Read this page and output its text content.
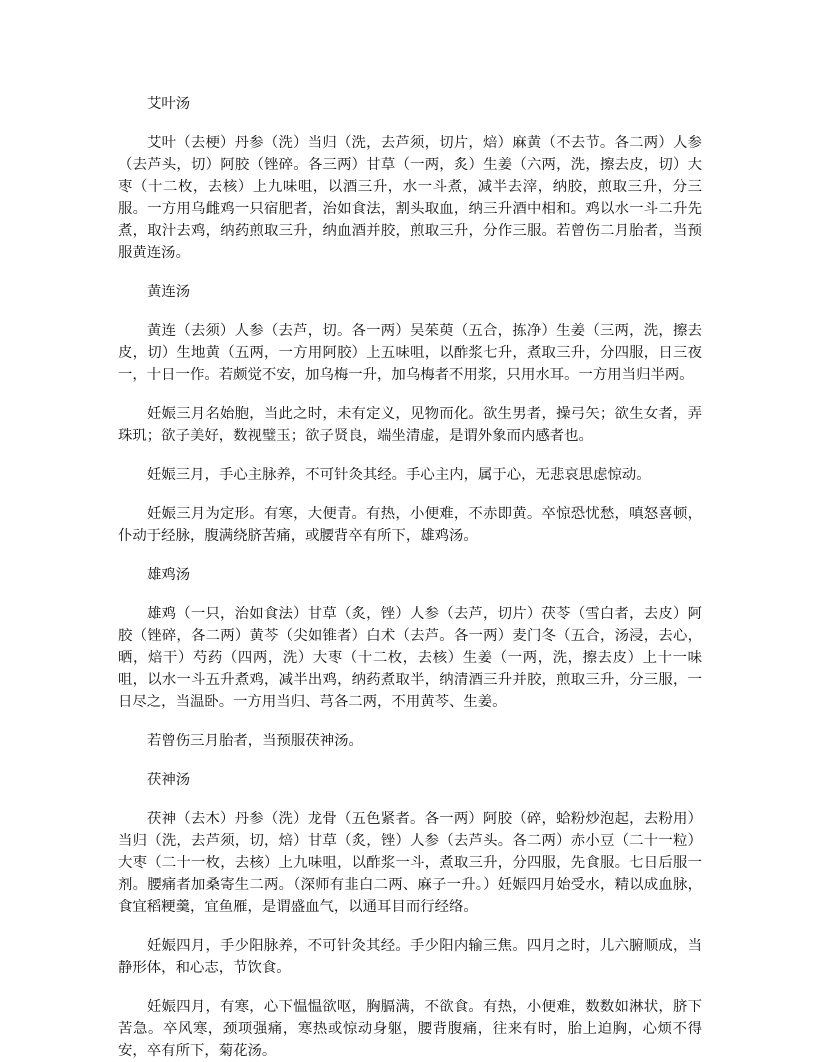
艾叶汤

艾叶（去梗）丹参（洗）当归（洗，去芦须，切片，焙）麻黄（不去节。各二两）人参（去芦头，切）阿胶（锉碎。各三两）甘草（一两，炙）生姜（六两，洗，擦去皮，切）大枣（十二枚，去核）上九味咀，以酒三升，水一斗煮，减半去滓，纳胶，煎取三升，分三服。一方用乌雌鸡一只宿肥者，治如食法，割头取血，纳三升酒中相和。鸡以水一斗二升先煮，取汁去鸡，纳药煎取三升，纳血酒并胶，煎取三升，分作三服。若曾伤二月胎者，当预服黄连汤。

黄连汤

黄连（去须）人参（去芦，切。各一两）吴茱萸（五合，拣净）生姜（三两，洗，擦去皮，切）生地黄（五两，一方用阿胶）上五味咀，以酢浆七升，煮取三升，分四服，日三夜一，十日一作。若颇觉不安，加乌梅一升，加乌梅者不用浆，只用水耳。一方用当归半两。

妊娠三月名始胞，当此之时，未有定义，见物而化。欲生男者，操弓矢；欲生女者，弄珠玑；欲子美好，数视璧玉；欲子贤良，端坐清虚，是谓外象而内感者也。

妊娠三月，手心主脉养，不可针灸其经。手心主内，属于心，无悲哀思虑惊动。

妊娠三月为定形。有寒，大便青。有热，小便难，不赤即黄。卒惊恐忧愁，嗔怒喜顿，仆动于经脉，腹满绕脐苦痛，或腰背卒有所下，雄鸡汤。

雄鸡汤

雄鸡（一只，治如食法）甘草（炙，锉）人参（去芦，切片）茯苓（雪白者，去皮）阿胶（锉碎，各二两）黄芩（尖如锥者）白术（去芦。各一两）麦门冬（五合，汤浸，去心，晒，焙干）芍药（四两，洗）大枣（十二枚，去核）生姜（一两，洗，擦去皮）上十一味咀，以水一斗五升煮鸡，减半出鸡，纳药煮取半，纳清酒三升并胶，煎取三升，分三服，一日尽之，当温卧。一方用当归、芎各二两，不用黄芩、生姜。

若曾伤三月胎者，当预服茯神汤。

茯神汤

茯神（去木）丹参（洗）龙骨（五色紧者。各一两）阿胶（碎，蛤粉炒泡起，去粉用）当归（洗，去芦须，切，焙）甘草（炙，锉）人参（去芦头。各二两）赤小豆（二十一粒）大枣（二十一枚，去核）上九味咀，以酢浆一斗，煮取三升，分四服，先食服。七日后服一剂。腰痛者加桑寄生二两。（深师有韭白二两、麻子一升。）妊娠四月始受水，精以成血脉，食宜稻粳羹，宜鱼雁，是谓盛血气，以通耳目而行经络。

妊娠四月，手少阳脉养，不可针灸其经。手少阳内输三焦。四月之时，儿六腑顺成，当静形体，和心志，节饮食。

妊娠四月，有寒，心下愠愠欲呕，胸膈满，不欲食。有热，小便难，数数如淋状，脐下苦急。卒风寒，颈项强痛，寒热或惊动身躯，腰背腹痛，往来有时，胎上迫胸，心烦不得安，卒有所下，菊花汤。
